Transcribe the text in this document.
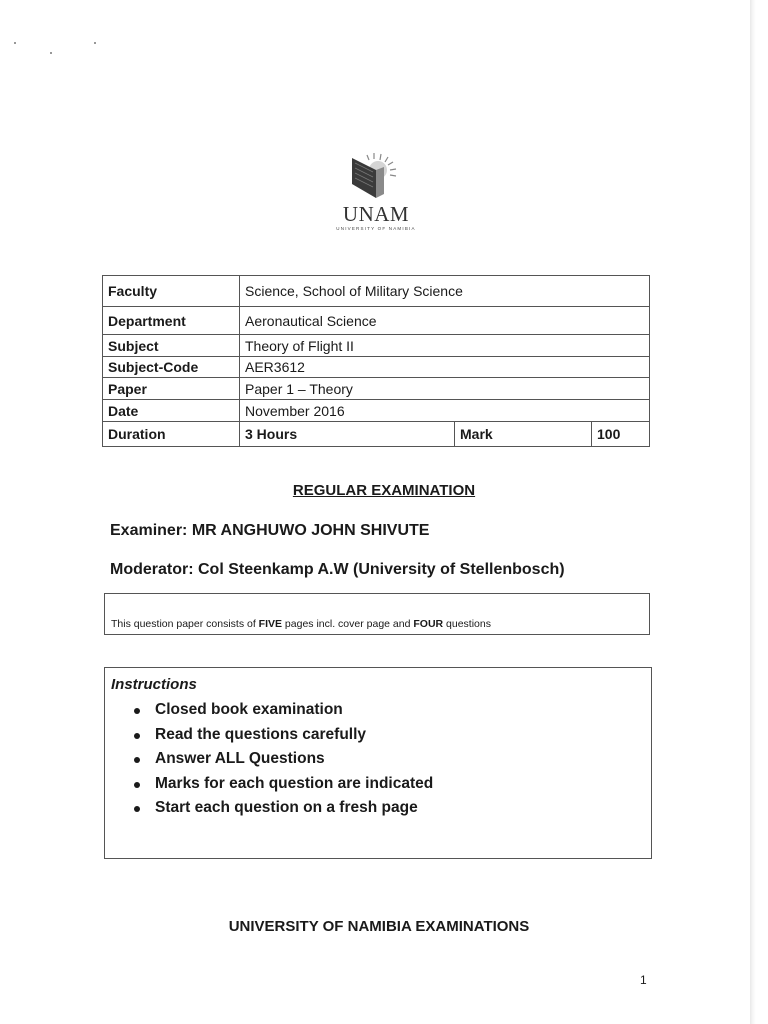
UNAM
UNIVERSITY OF NAMIBIA
Faculty	Science, School of Military Science		
Department	Aeronautical Science		
Subject	Theory of Flight II		
Subject-Code	AER3612		
Paper	Paper 1 – Theory		
Date	November 2016		
Duration	3 Hours	Mark	100
REGULAR EXAMINATION
Examiner: MR ANGHUWO JOHN SHIVUTE
Moderator: Col Steenkamp A.W (University of Stellenbosch)
This question paper consists of FIVE pages incl. cover page and FOUR questions
Instructions
Closed book examination
Read the questions carefully
Answer ALL Questions
Marks for each question are indicated
Start each question on a fresh page
UNIVERSITY OF NAMIBIA EXAMINATIONS
1
